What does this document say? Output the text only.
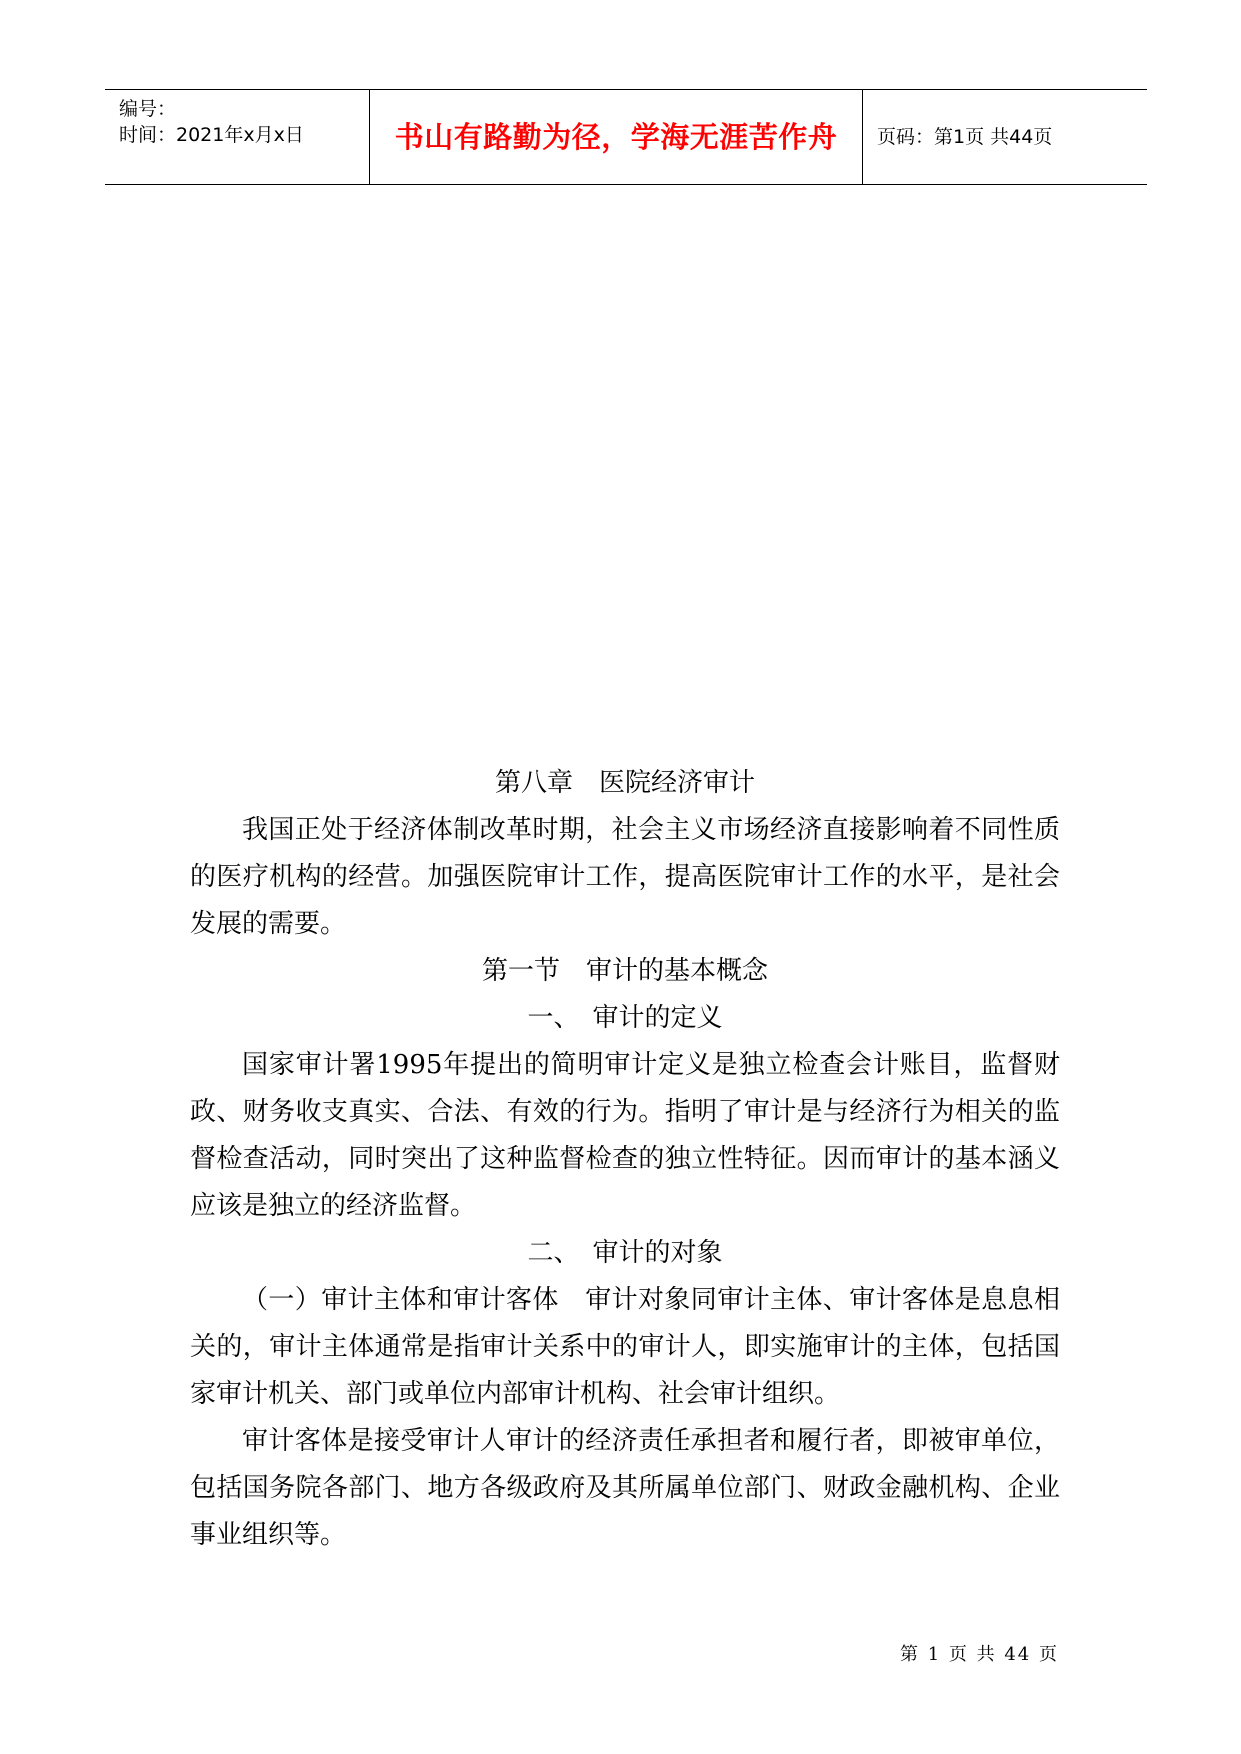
编号：
时间：2021年x月x日	书山有路勤为径，学海无涯苦作舟	页码：第1页 共44页

第八章　医院经济审计

我国正处于经济体制改革时期，社会主义市场经济直接影响着不同性质的医疗机构的经营。加强医院审计工作，提高医院审计工作的水平，是社会发展的需要。

第一节　审计的基本概念

一、　审计的定义

国家审计署1995年提出的简明审计定义是独立检查会计账目，监督财政、财务收支真实、合法、有效的行为。指明了审计是与经济行为相关的监督检查活动，同时突出了这种监督检查的独立性特征。因而审计的基本涵义应该是独立的经济监督。

二、　审计的对象

（一）审计主体和审计客体　审计对象同审计主体、审计客体是息息相关的，审计主体通常是指审计关系中的审计人，即实施审计的主体，包括国家审计机关、部门或单位内部审计机构、社会审计组织。

审计客体是接受审计人审计的经济责任承担者和履行者，即被审单位，包括国务院各部门、地方各级政府及其所属单位部门、财政金融机构、企业事业组织等。

第 1 页 共 44 页
